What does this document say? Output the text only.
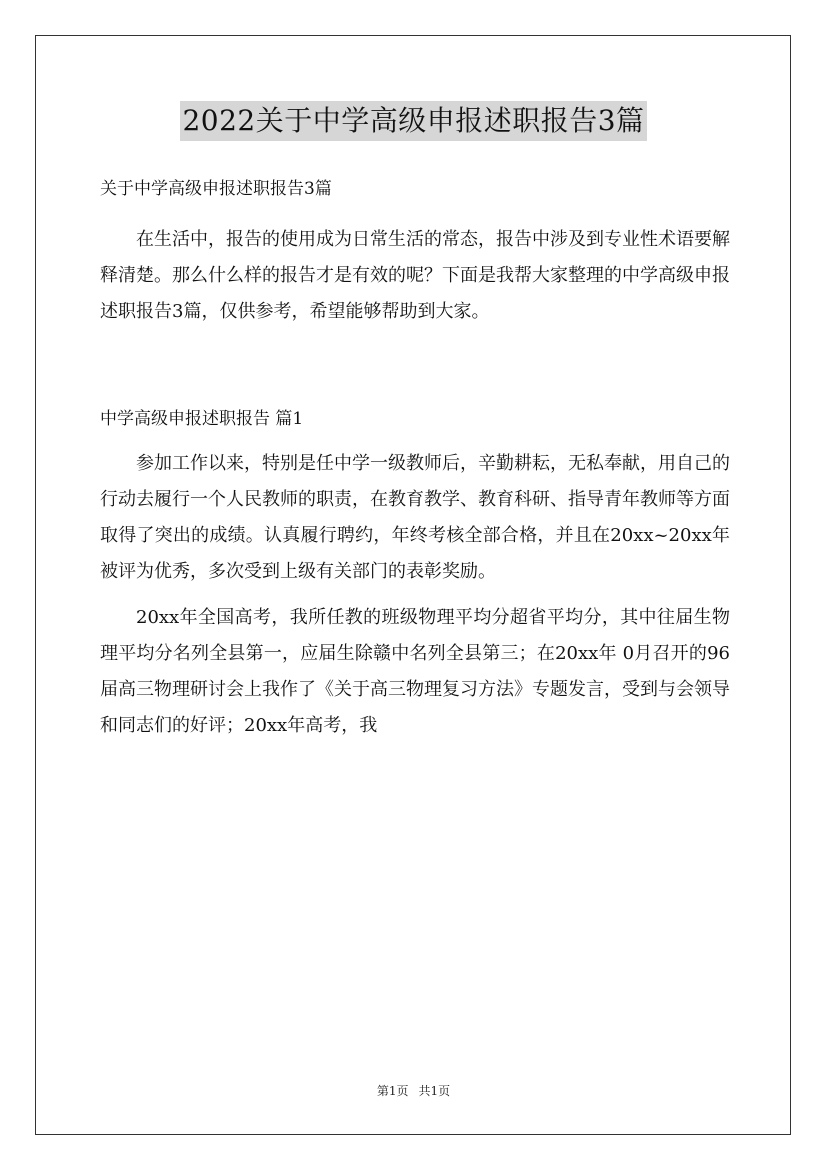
2022关于中学高级申报述职报告3篇

关于中学高级申报述职报告3篇

在生活中，报告的使用成为日常生活的常态，报告中涉及到专业性术语要解释清楚。那么什么样的报告才是有效的呢？下面是我帮大家整理的中学高级申报述职报告3篇，仅供参考，希望能够帮助到大家。

中学高级申报述职报告 篇1

参加工作以来，特别是任中学一级教师后，辛勤耕耘，无私奉献，用自己的行动去履行一个人民教师的职责，在教育教学、教育科研、指导青年教师等方面取得了突出的成绩。认真履行聘约，年终考核全部合格，并且在20xx~20xx年被评为优秀，多次受到上级有关部门的表彰奖励。

20xx年全国高考，我所任教的班级物理平均分超省平均分，其中往届生物理平均分名列全县第一，应届生除赣中名列全县第三；在20xx年 0月召开的96届高三物理研讨会上我作了《关于高三物理复习方法》专题发言，受到与会领导和同志们的好评；20xx年高考，我

第1页 共1页
